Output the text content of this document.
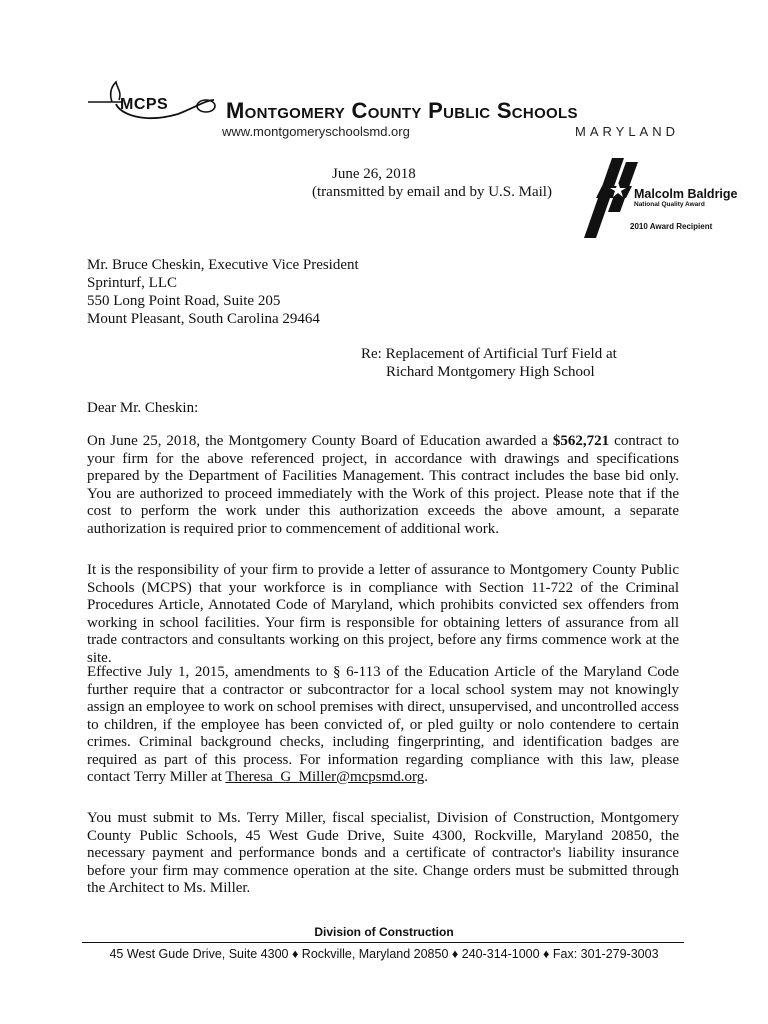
MCPS	Montgomery County Public Schools
www.montgomeryschoolsmd.org	MARYLAND
June 26, 2018
(transmitted by email and by U.S. Mail)	Malcolm Baldrige
National Quality Award
2010 Award Recipient
Mr. Bruce Cheskin, Executive Vice President
Sprinturf, LLC
550 Long Point Road, Suite 205
Mount Pleasant, South Carolina 29464
Re: Replacement of Artificial Turf Field at
Richard Montgomery High School
Dear Mr. Cheskin:

On June 25, 2018, the Montgomery County Board of Education awarded a $562,721 contract to your firm for the above referenced project, in accordance with drawings and specifications prepared by the Department of Facilities Management. This contract includes the base bid only. You are authorized to proceed immediately with the Work of this project. Please note that if the cost to perform the work under this authorization exceeds the above amount, a separate authorization is required prior to commencement of additional work.

It is the responsibility of your firm to provide a letter of assurance to Montgomery County Public Schools (MCPS) that your workforce is in compliance with Section 11-722 of the Criminal Procedures Article, Annotated Code of Maryland, which prohibits convicted sex offenders from working in school facilities. Your firm is responsible for obtaining letters of assurance from all trade contractors and consultants working on this project, before any firms commence work at the site.

Effective July 1, 2015, amendments to § 6-113 of the Education Article of the Maryland Code further require that a contractor or subcontractor for a local school system may not knowingly assign an employee to work on school premises with direct, unsupervised, and uncontrolled access to children, if the employee has been convicted of, or pled guilty or nolo contendere to certain crimes. Criminal background checks, including fingerprinting, and identification badges are required as part of this process. For information regarding compliance with this law, please contact Terry Miller at Theresa_G_Miller@mcpsmd.org.

You must submit to Ms. Terry Miller, fiscal specialist, Division of Construction, Montgomery County Public Schools, 45 West Gude Drive, Suite 4300, Rockville, Maryland 20850, the necessary payment and performance bonds and a certificate of contractor's liability insurance before your firm may commence operation at the site. Change orders must be submitted through the Architect to Ms. Miller.

Division of Construction
45 West Gude Drive, Suite 4300 ♦ Rockville, Maryland 20850 ♦ 240-314-1000 ♦ Fax: 301-279-3003
